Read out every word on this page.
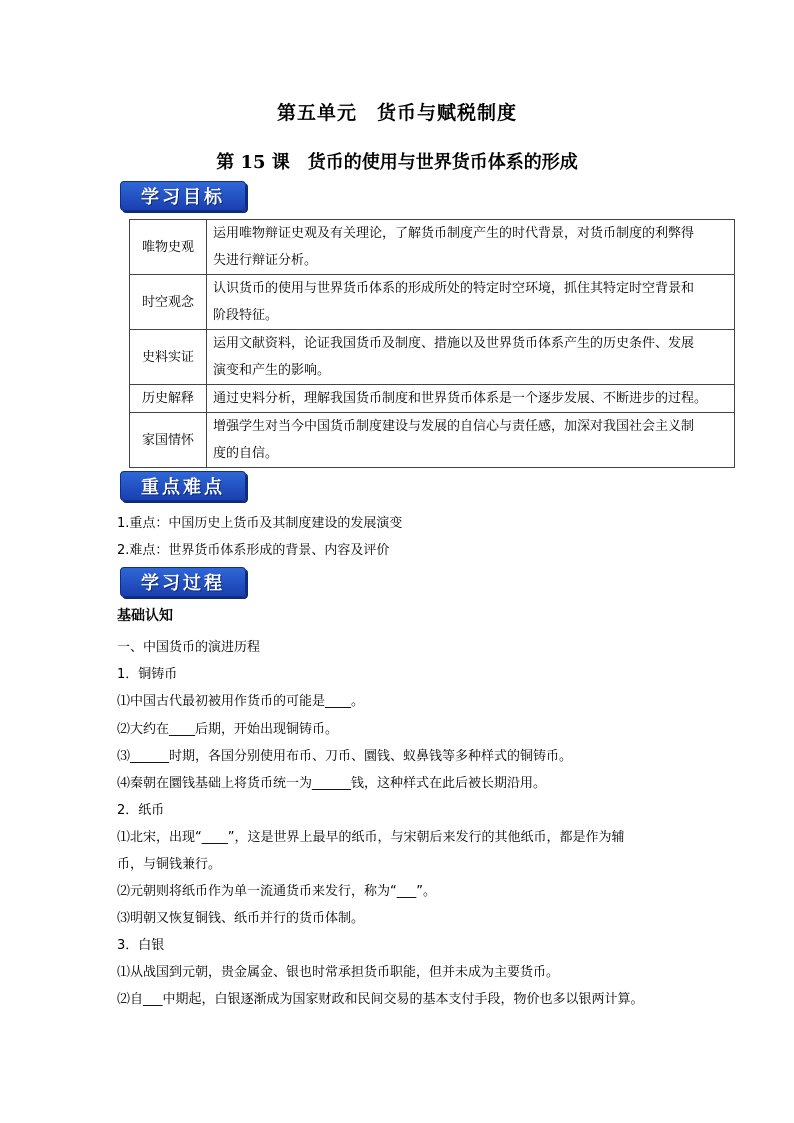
第五单元　货币与赋税制度
第 15 课　货币的使用与世界货币体系的形成
学习目标
唯物史观	运用唯物辩证史观及有关理论，了解货币制度产生的时代背景，对货币制度的利弊得
失进行辩证分析。

时空观念	认识货币的使用与世界货币体系的形成所处的特定时空环境，抓住其特定时空背景和
阶段特征。

史料实证	运用文献资料，论证我国货币及制度、措施以及世界货币体系产生的历史条件、发展
演变和产生的影响。

历史解释	通过史料分析，理解我国货币制度和世界货币体系是一个逐步发展、不断进步的过程。

家国情怀	增强学生对当今中国货币制度建设与发展的自信心与责任感，加深对我国社会主义制
度的自信。
重点难点
1.重点：中国历史上货币及其制度建设的发展演变
2.难点：世界货币体系形成的背景、内容及评价
学习过程
基础认知
一、中国货币的演进历程
1．铜铸币
⑴中国古代最初被用作货币的可能是____。
⑵大约在____后期，开始出现铜铸币。
⑶______时期，各国分别使用布币、刀币、圜钱、蚁鼻钱等多种样式的铜铸币。
⑷秦朝在圜钱基础上将货币统一为______钱，这种样式在此后被长期沿用。
2．纸币
⑴北宋，出现“____”，这是世界上最早的纸币，与宋朝后来发行的其他纸币，都是作为辅
币，与铜钱兼行。
⑵元朝则将纸币作为单一流通货币来发行，称为“___”。
⑶明朝又恢复铜钱、纸币并行的货币体制。
3．白银
⑴从战国到元朝，贵金属金、银也时常承担货币职能，但并未成为主要货币。
⑵自___中期起，白银逐渐成为国家财政和民间交易的基本支付手段，物价也多以银两计算。
